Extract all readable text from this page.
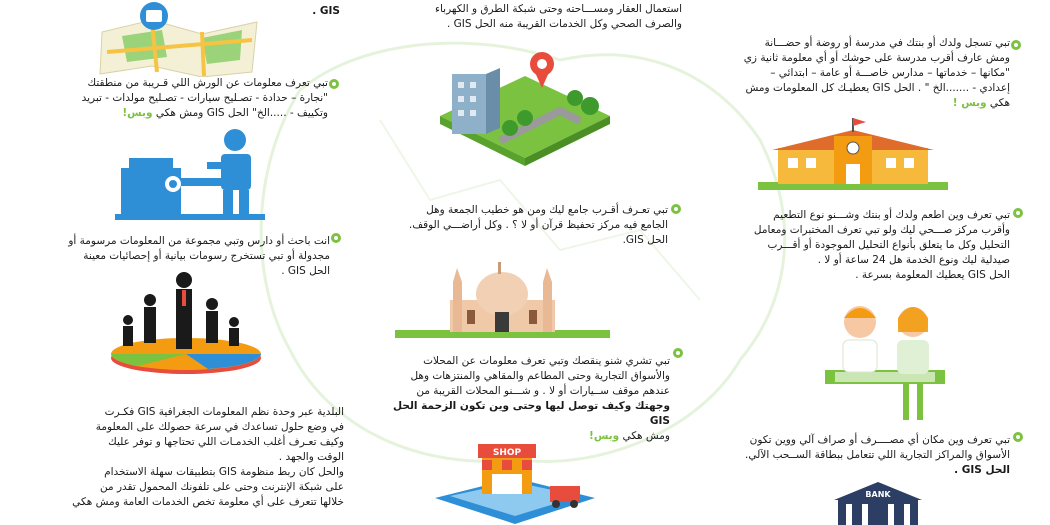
GIS .	استعمال العقار ومســـاحته وحتى شبكة الطرق و الكهرباء
والصرف الصحي وكل الخدمات القريبة منه الحل GIS .
تبي تسجل ولدك أو بنتك في مدرسة أو روضة أو حضـــانة
ومش عارف أقرب مدرسة على حوشك أو أي معلومة ثانية زي
"مكانها – خدماتها – مدارس خاصـــة أو عامة – ابتدائي –
إعدادي - .......الخ " . الحل GIS يعطيـك كل المعلومات ومش
هكي وبس !
تبي تعرف معلومات عن الورش اللي قـريبة من منطقتك
"نجارة – حدادة - تصـليح سيارات - تصـليح مولدات - تبريد
وتكييف - .....الخ" الحل GIS ومش هكي وبس!
تبي تعـرف أقـرب جامع ليك ومن هو خطيب الجمعة وهل
الجامع فيه مركز تحفيظ قرآن أو لا ؟ . وكل أراضـــي الوقف.
الحل GIS.
تبي تعرف وين اطعم ولدك أو بنتك وشـــنو نوع التطعيم
وأقرب مركز صـــحي ليك ولو تبي تعرف المختبرات ومعامل
التحليل وكل ما يتعلق بأنواع التحليل الموجودة أو أقـــرب
صيدلية ليك ونوع الخدمة هل 24 ساعة أو لا .
الحل GIS يعطيك المعلومة بسرعة .
انت باحث أو دارس وتبي مجموعة من المعلومات مرسومة أو
مجدولة أو تبي تستخرج رسومات بيانية أو إحصائيات معينة
الحل GIS .
تبي تشري شنو ينقصك وتبي تعرف معلومات عن المحلات
والأسواق التجارية وحتى المطاعم والمقاهي والمنتزهات وهل
عندهم موقف ســيارات أو لا . و شـــنو المحلات القريبة من
وجهتك وكيف توصل ليها وحتى وين تكون الزحمة الحل GIS
ومش هكي وبس!
SHOP
البلدية عبر وحدة نظم المعلومات الجغرافية GIS فكـرت
في وضع حلول تساعدك في سرعة حصولك على المعلومة
وكيف تعـرف أغلب الخدمـات اللي تحتاجها و توفر عليك
الوقت والجهد .
والحل كان ربط منظومة GIS بتطبيقات سهلة الاستخدام
على شبكة الإنترنت وحتى على تلفونك المحمول تقدر من
خلالها تتعرف على أي معلومة تخص الخدمات العامة ومش هكي
تبي تعرف وين مكان أي مصــــرف أو صراف آلي ووين تكون
الأسواق والمراكز التجارية اللي تتعامل ببطاقة الســحب الآلي.
الحل GIS .
BANK
